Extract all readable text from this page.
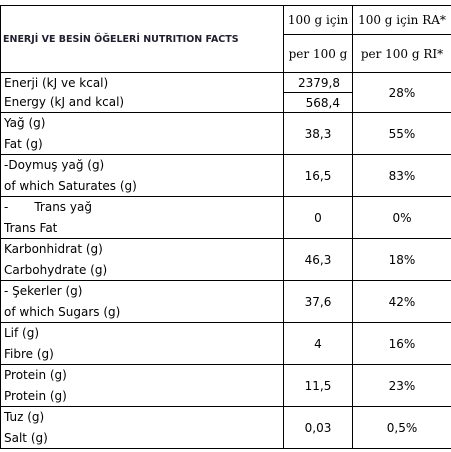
ENERJİ VE BESİN ÖĞELERİ NUTRITION FACTS	100 g için	100 g için RA*
	per 100 g	per 100 g RI*
Enerji (kJ ve kcal)	2379,8	28%
Energy (kJ and kcal)	568,4	
Yağ (g)	38,3	55%
Fat (g)		
-Doymuş yağ (g)	16,5	83%
of which Saturates (g)		
- Trans yağ	0	0%
Trans Fat		
Karbonhidrat (g)	46,3	18%
Carbohydrate (g)		
- Şekerler (g)	37,6	42%
of which Sugars (g)		
Lif (g)	4	16%
Fibre (g)		
Protein (g)	11,5	23%
Protein (g)		
Tuz (g)	0,03	0,5%
Salt (g)		
